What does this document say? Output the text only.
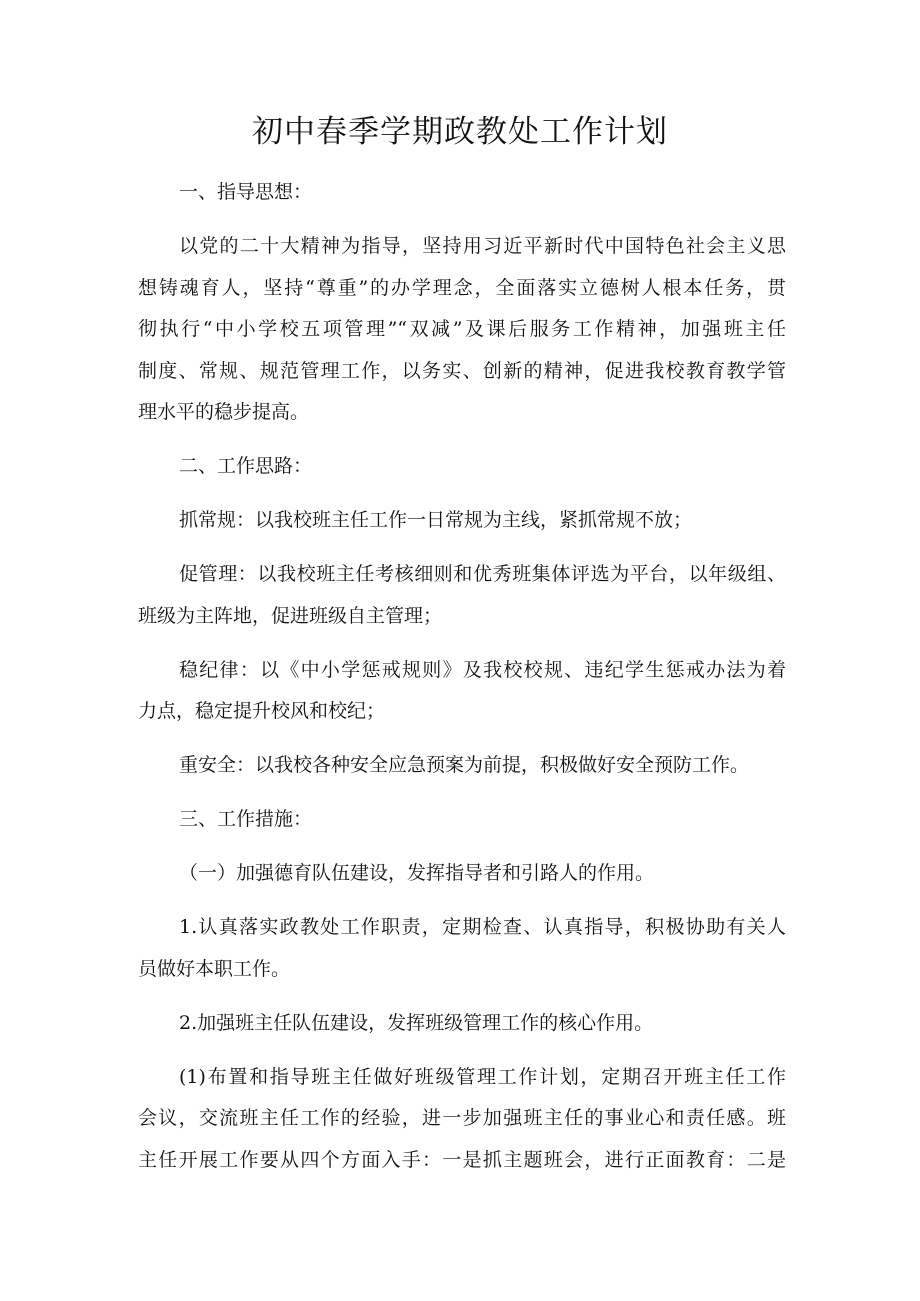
初中春季学期政教处工作计划
一、指导思想：
以党的二十大精神为指导，坚持用习近平新时代中国特色社会主义思
想铸魂育人，坚持“尊重”的办学理念，全面落实立德树人根本任务，贯
彻执行“中小学校五项管理”“双减”及课后服务工作精神，加强班主任
制度、常规、规范管理工作，以务实、创新的精神，促进我校教育教学管
理水平的稳步提高。
二、工作思路：
抓常规：以我校班主任工作一日常规为主线，紧抓常规不放；
促管理：以我校班主任考核细则和优秀班集体评选为平台，以年级组、
班级为主阵地，促进班级自主管理；
稳纪律：以《中小学惩戒规则》及我校校规、违纪学生惩戒办法为着
力点，稳定提升校风和校纪；
重安全：以我校各种安全应急预案为前提，积极做好安全预防工作。
三、工作措施：
（一）加强德育队伍建设，发挥指导者和引路人的作用。
1.认真落实政教处工作职责，定期检查、认真指导，积极协助有关人
员做好本职工作。
2.加强班主任队伍建设，发挥班级管理工作的核心作用。
(1)布置和指导班主任做好班级管理工作计划，定期召开班主任工作
会议，交流班主任工作的经验，进一步加强班主任的事业心和责任感。班
主任开展工作要从四个方面入手：一是抓主题班会，进行正面教育：二是
